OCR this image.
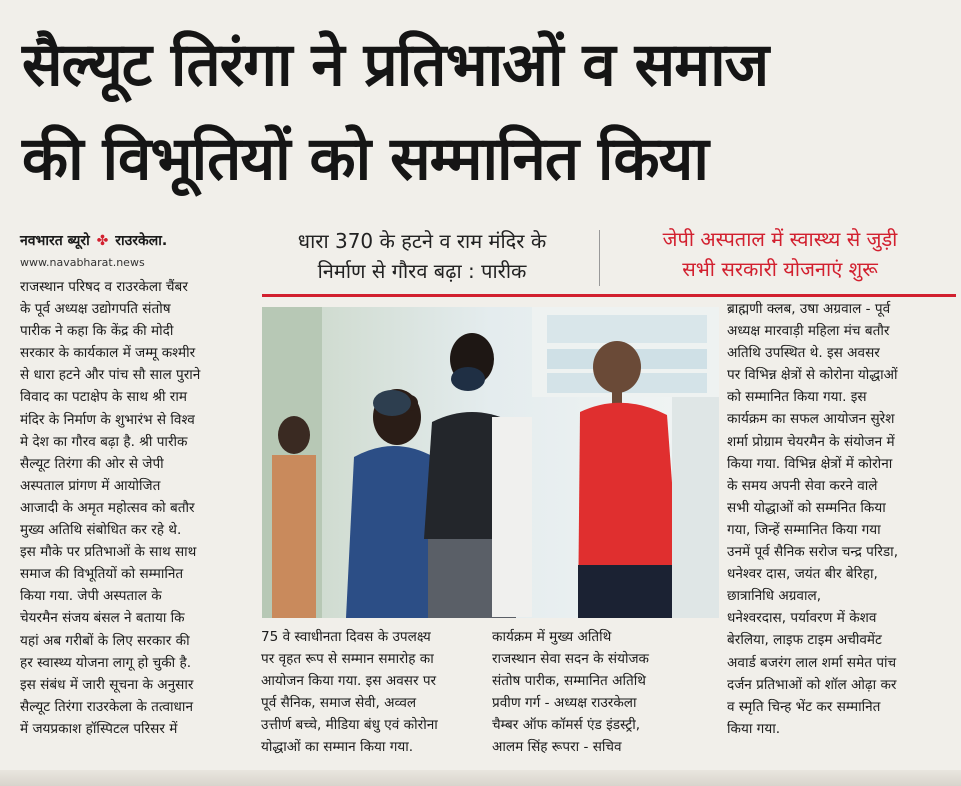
सैल्यूट तिरंगा ने प्रतिभाओं व समाज
की विभूतियों को सम्मानित किया
नवभारत ब्यूरो ✤ राउरकेला.
www.navabharat.news
धारा 370 के हटने व राम मंदिर के
निर्माण से गौरव बढ़ा : पारीक
जेपी अस्पताल में स्वास्थ्य से जुड़ी
सभी सरकारी योजनाएं शुरू
राजस्थान परिषद व राउरकेला चैंबर
के पूर्व अध्यक्ष उद्योगपति संतोष
पारीक ने कहा कि केंद्र की मोदी
सरकार के कार्यकाल में जम्मू कश्मीर
से धारा हटने और पांच सौ साल पुराने
विवाद का पटाक्षेप के साथ श्री राम
मंदिर के निर्माण के शुभारंभ से विश्व
मे देश का गौरव बढ़ा है. श्री पारीक
सैल्यूट तिरंगा की ओर से जेपी
अस्पताल प्रांगण में आयोजित
आजादी के अमृत महोत्सव को बतौर
मुख्य अतिथि संबोधित कर रहे थे.
इस मौके पर प्रतिभाओं के साथ साथ
समाज की विभूतियों को सम्मानित
किया गया. जेपी अस्पताल के
चेयरमैन संजय बंसल ने बताया कि
यहां अब गरीबों के लिए सरकार की
हर स्वास्थ्य योजना लागू हो चुकी है.
इस संबंध में जारी सूचना के अनुसार
सैल्यूट तिरंगा राउरकेला के तत्वाधान
में जयप्रकाश हॉस्पिटल परिसर में
75 वे स्वाधीनता दिवस के उपलक्ष्य
पर वृहत रूप से सम्मान समारोह का
आयोजन किया गया. इस अवसर पर
पूर्व सैनिक, समाज सेवी, अव्वल
उत्तीर्ण बच्चे, मीडिया बंधु एवं कोरोना
योद्धाओं का सम्मान किया गया.
कार्यक्रम में मुख्य अतिथि
राजस्थान सेवा सदन के संयोजक
संतोष पारीक, सम्मानित अतिथि
प्रवीण गर्ग - अध्यक्ष राउरकेला
चैम्बर ऑफ कॉमर्स एंड इंडस्ट्री,
आलम सिंह रूपरा - सचिव
ब्राह्मणी क्लब, उषा अग्रवाल - पूर्व
अध्यक्ष मारवाड़ी महिला मंच बतौर
अतिथि उपस्थित थे. इस अवसर
पर विभिन्न क्षेत्रों से कोरोना योद्धाओं
को सम्मानित किया गया. इस
कार्यक्रम का सफल आयोजन सुरेश
शर्मा प्रोग्राम चेयरमैन के संयोजन में
किया गया. विभिन्न क्षेत्रों में कोरोना
के समय अपनी सेवा करने वाले
सभी योद्धाओं को सम्मनित किया
गया, जिन्हें सम्मानित किया गया
उनमें पूर्व सैनिक सरोज चन्द्र परिडा,
धनेश्वर दास, जयंत बीर बेरिहा,
छात्रानिधि अग्रवाल,
धनेश्वरदास, पर्यावरण में केशव
बेरलिया, लाइफ टाइम अचीवमेंट
अवार्ड बजरंग लाल शर्मा समेत पांच
दर्जन प्रतिभाओं को शॉल ओढ़ा कर
व स्मृति चिन्ह भेंट कर सम्मानित
किया गया.
